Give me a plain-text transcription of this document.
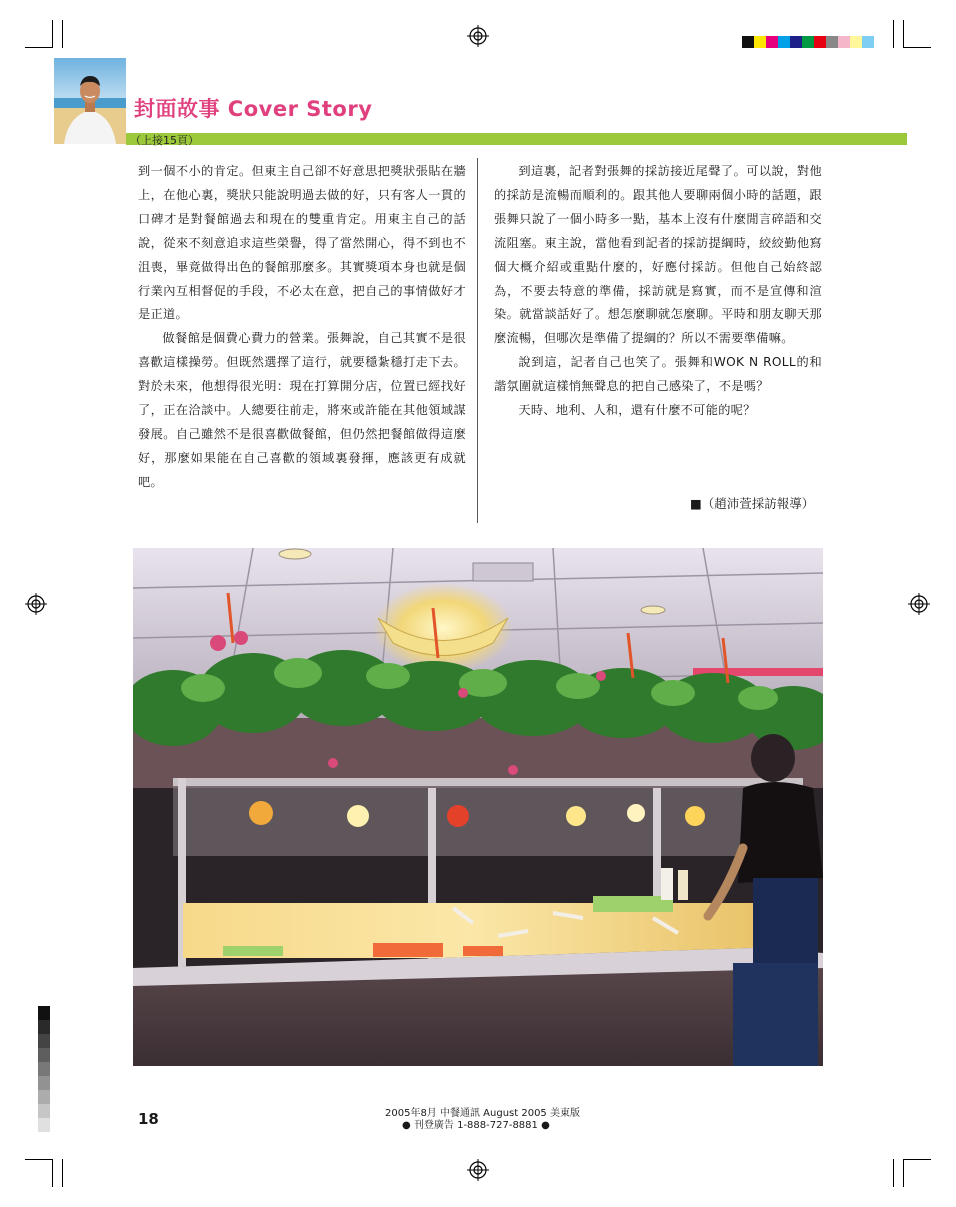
封面故事 Cover Story
（上接15頁）

到一個不小的肯定。但東主自己卻不好意思把獎狀張貼在牆上，在他心裏，獎狀只能說明過去做的好，只有客人一貫的口碑才是對餐館過去和現在的雙重肯定。用東主自己的話說，從來不刻意追求這些榮譽，得了當然開心，得不到也不沮喪，畢竟做得出色的餐館那麼多。其實獎項本身也就是個行業內互相督促的手段，不必太在意，把自己的事情做好才是正道。

做餐館是個費心費力的營業。張舞說，自己其實不是很喜歡這樣操勞。但既然選擇了這行，就要穩紮穩打走下去。對於未來，他想得很光明：現在打算開分店，位置已經找好了，正在洽談中。人總要往前走，將來或許能在其他領域謀發展。自己雖然不是很喜歡做餐館，但仍然把餐館做得這麼好，那麼如果能在自己喜歡的領域裏發揮，應該更有成就吧。

到這裏，記者對張舞的採訪接近尾聲了。可以說，對他的採訪是流暢而順利的。跟其他人要聊兩個小時的話題，跟張舞只說了一個小時多一點，基本上沒有什麼閒言碎語和交流阻塞。東主說，當他看到記者的採訪提綱時，絞絞勤他寫個大概介紹或重點什麼的，好應付採訪。但他自己始終認為，不要去特意的準備，採訪就是寫實，而不是宣傳和渲染。就當談話好了。想怎麼聊就怎麼聊。平時和朋友聊天那麼流暢，但哪次是準備了提綱的？所以不需要準備嘛。

說到這，記者自己也笑了。張舞和WOK N ROLL的和諧氛圍就這樣悄無聲息的把自己感染了，不是嗎？

天時、地利、人和，還有什麼不可能的呢？

■（趙沛萱採訪報導）
18	2005年8月 中餐通訊 August 2005 美東版
● 刊登廣告 1-888-727-8881 ●
